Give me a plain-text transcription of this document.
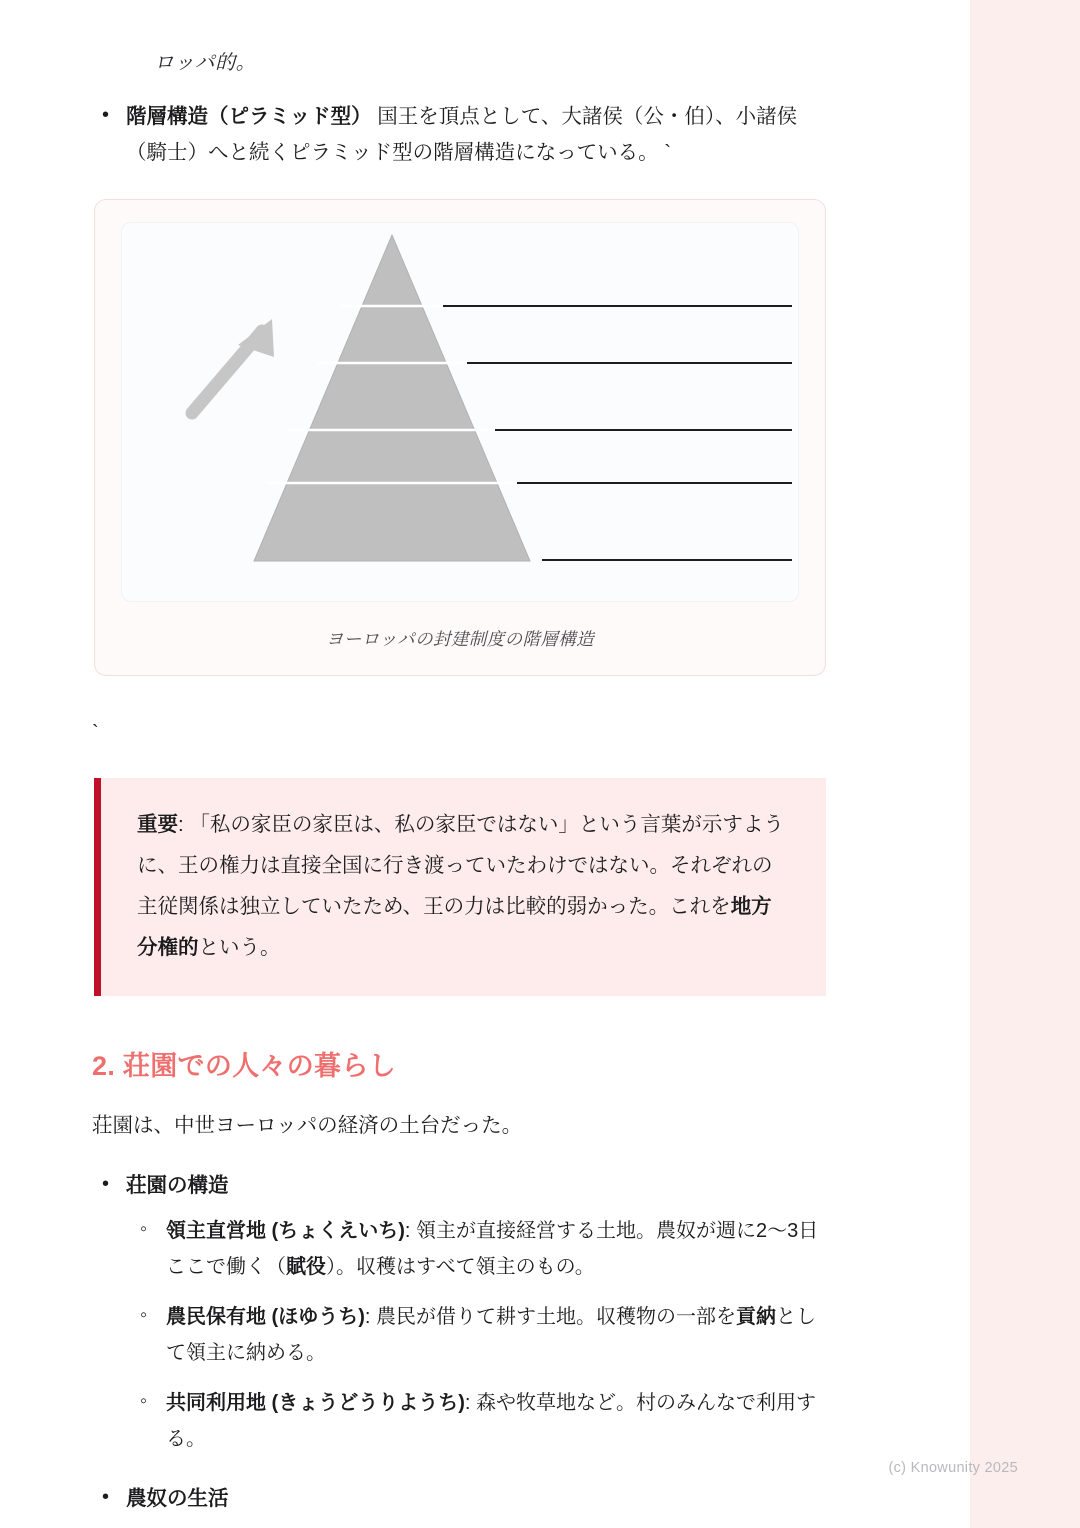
ロッパ的。
• 階層構造（ピラミッド型） 国王を頂点として、大諸侯（公・伯）、小諸侯（騎士）へと続くピラミッド型の階層構造になっている。 `
ヨーロッパの封建制度の階層構造
`
重要: 「私の家臣の家臣は、私の家臣ではない」という言葉が示すように、王の権力は直接全国に行き渡っていたわけではない。それぞれの主従関係は独立していたため、王の力は比較的弱かった。これを地方分権的という。
2. 荘園での人々の暮らし

荘園は、中世ヨーロッパの経済の土台だった。

• 荘園の構造
◦ 領主直営地 (ちょくえいち): 領主が直接経営する土地。農奴が週に2〜3日ここで働く（賦役）。収穫はすべて領主のもの。
◦ 農民保有地 (ほゆうち): 農民が借りて耕す土地。収穫物の一部を貢納として領主に納める。
◦ 共同利用地 (きょうどうりようち): 森や牧草地など。村のみんなで利用する。
• 農奴の生活
(c) Knowunity 2025
